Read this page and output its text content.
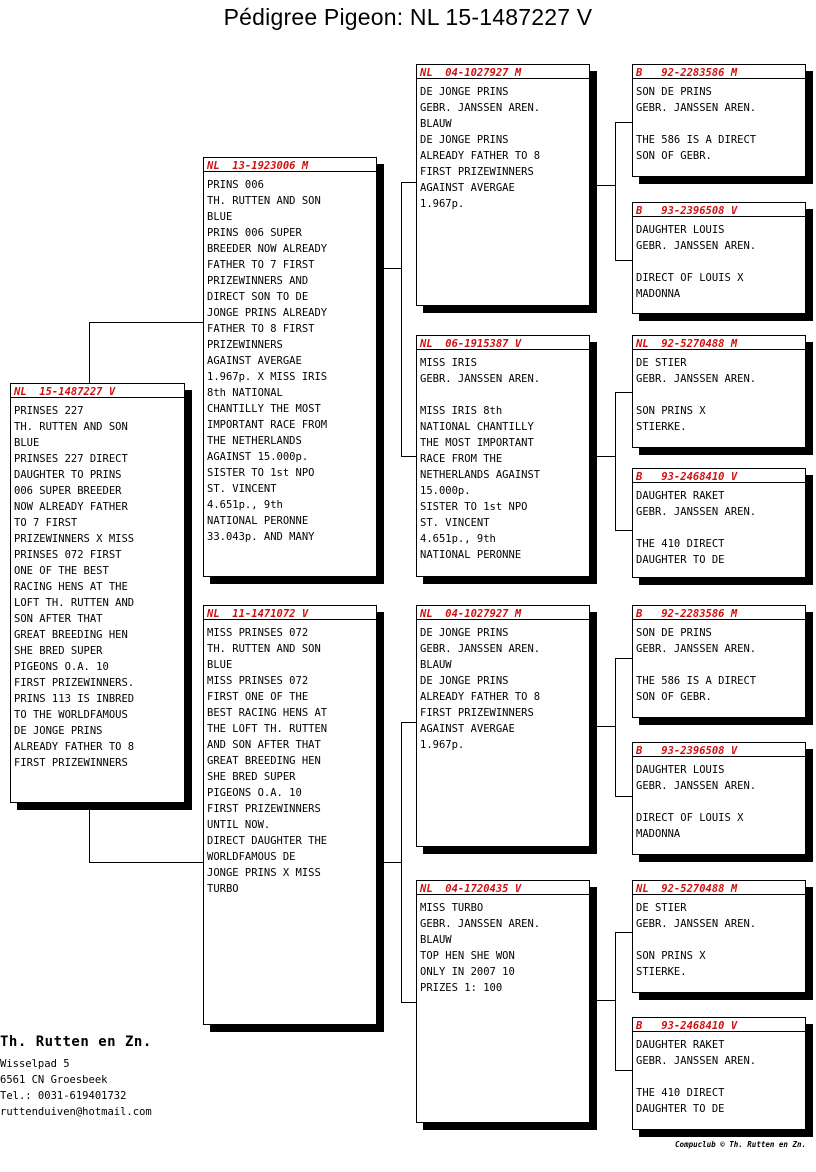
Pédigree Pigeon: NL 15-1487227 V
NL  15-1487227 V
PRINSES 227
TH. RUTTEN AND SON
BLUE
PRINSES 227 DIRECT
DAUGHTER TO PRINS
006 SUPER BREEDER
NOW ALREADY FATHER
TO 7 FIRST
PRIZEWINNERS X MISS
PRINSES 072 FIRST
ONE OF THE BEST
RACING HENS AT THE
LOFT TH. RUTTEN AND
SON AFTER THAT
GREAT BREEDING HEN
SHE BRED SUPER
PIGEONS O.A. 10
FIRST PRIZEWINNERS.
PRINS 113 IS INBRED
TO THE WORLDFAMOUS
DE JONGE PRINS
ALREADY FATHER TO 8
FIRST PRIZEWINNERS
NL  13-1923006 M
PRINS 006
TH. RUTTEN AND SON
BLUE
PRINS 006 SUPER
BREEDER NOW ALREADY
FATHER TO 7 FIRST
PRIZEWINNERS AND
DIRECT SON TO DE
JONGE PRINS ALREADY
FATHER TO 8 FIRST
PRIZEWINNERS
AGAINST AVERGAE
1.967p. X MISS IRIS
8th NATIONAL
CHANTILLY THE MOST
IMPORTANT RACE FROM
THE NETHERLANDS
AGAINST 15.000p.
SISTER TO 1st NPO
ST. VINCENT
4.651p., 9th
NATIONAL PERONNE
33.043p. AND MANY
NL  11-1471072 V
MISS PRINSES 072
TH. RUTTEN AND SON
BLUE
MISS PRINSES 072
FIRST ONE OF THE
BEST RACING HENS AT
THE LOFT TH. RUTTEN
AND SON AFTER THAT
GREAT BREEDING HEN
SHE BRED SUPER
PIGEONS O.A. 10
FIRST PRIZEWINNERS
UNTIL NOW.
DIRECT DAUGHTER THE
WORLDFAMOUS DE
JONGE PRINS X MISS
TURBO
NL  04-1027927 M
DE JONGE PRINS
GEBR. JANSSEN AREN.
BLAUW
DE JONGE PRINS
ALREADY FATHER TO 8
FIRST PRIZEWINNERS
AGAINST AVERGAE
1.967p.
NL  06-1915387 V
MISS IRIS
GEBR. JANSSEN AREN.

MISS IRIS 8th
NATIONAL CHANTILLY
THE MOST IMPORTANT
RACE FROM THE
NETHERLANDS AGAINST
15.000p.
SISTER TO 1st NPO
ST. VINCENT
4.651p., 9th
NATIONAL PERONNE
NL  04-1027927 M
DE JONGE PRINS
GEBR. JANSSEN AREN.
BLAUW
DE JONGE PRINS
ALREADY FATHER TO 8
FIRST PRIZEWINNERS
AGAINST AVERGAE
1.967p.
NL  04-1720435 V
MISS TURBO
GEBR. JANSSEN AREN.
BLAUW
TOP HEN SHE WON
ONLY IN 2007 10
PRIZES 1: 100
B   92-2283586 M
SON DE PRINS
GEBR. JANSSEN AREN.

THE 586 IS A DIRECT
SON OF GEBR.
B   93-2396508 V
DAUGHTER LOUIS
GEBR. JANSSEN AREN.

DIRECT OF LOUIS X
MADONNA
NL  92-5270488 M
DE STIER
GEBR. JANSSEN AREN.

SON PRINS X
STIERKE.
B   93-2468410 V
DAUGHTER RAKET
GEBR. JANSSEN AREN.

THE 410 DIRECT
DAUGHTER TO DE
B   92-2283586 M
SON DE PRINS
GEBR. JANSSEN AREN.

THE 586 IS A DIRECT
SON OF GEBR.
B   93-2396508 V
DAUGHTER LOUIS
GEBR. JANSSEN AREN.

DIRECT OF LOUIS X
MADONNA
NL  92-5270488 M
DE STIER
GEBR. JANSSEN AREN.

SON PRINS X
STIERKE.
B   93-2468410 V
DAUGHTER RAKET
GEBR. JANSSEN AREN.

THE 410 DIRECT
DAUGHTER TO DE
Th. Rutten en Zn.
Wisselpad 5
6561 CN Groesbeek
Tel.: 0031-619401732
ruttenduiven@hotmail.com
Compuclub © Th. Rutten en Zn.
